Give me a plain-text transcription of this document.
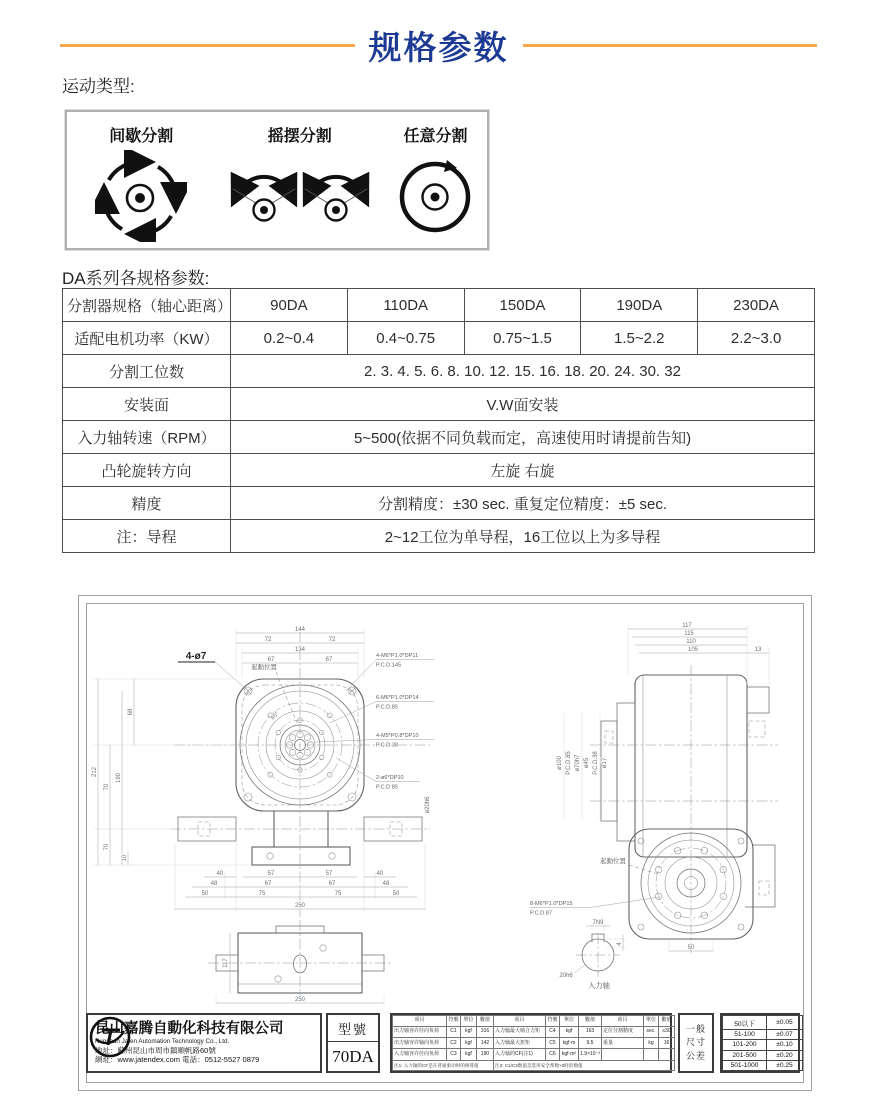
规格参数
运动类型:
间歇分割	摇摆分割	任意分割
DA系列各规格参数:
分割器规格（轴心距离）	90DA	110DA	150DA	190DA	230DA
适配电机功率（KW）	0.2~0.4	0.4~0.75	0.75~1.5	1.5~2.2	2.2~3.0
分割工位数	2. 3. 4. 5. 6. 8. 10. 12. 15. 16. 18. 20. 24. 30. 32				
安装面	V.W面安装				
入力轴转速（RPM）	5~500(依据不同负载而定，高速使用时请提前告知)				
凸轮旋转方向	左旋 右旋				
精度	分割精度：±30 sec. 重复定位精度：±5 sec.				
注：导程	2~12工位为单导程，16工位以上为多导程				
144
72	72
134
67	67
4-ø7
起動位置
45°
4-M6*P1.0*DP11
P.C.D.145
6-M6*P1.0*DP14
P.C.D.85
4-M5*P0.8*DP10
P.C.D.38
2-ø6*DP10
P.C.D 85
ø20h6
212
70
70
190
68
10
57	57
40	40
67	67
48	48
75	75
50	50
250
117
250
117
115
110
105	13
ø100 P.C.D.85 ø70h7 ø45 P.C.D.38 ø17
起動位置
8-M6*P1.0*DP15
P.C.D.87
50
7N9
4
20h6
入力轴
昆山嘉腾自動化科技有限公司
Kunshan Jaten Automation Technology Co., Ltd.
地址：蘇州昆山市周市鎮順帆路60號
網址：www.jatendex.com 電話：0512-5527 0879
型號
70DA
项目	符號	單位	數值	项目	符號	單位	數值	项目	單位	數值
出力轴容许径向负荷	C1	kgf	316	入力轴最大啮合力矩	C4	kgf	163	定位分割精度	sec.	≤30
出力轴容许轴向负荷	C2	kgf	142	入力轴最大扭矩	C5	kgf·m	9.5	重量	kg	16
入力轴容许径向负荷	C3	kgf	190	入力轴的CF(注1)	C6	kgf·m²	1.9×10⁻³			
注1: 入力轴的CF是在普通驱动时的换算值				注2: C1/C3数值是选用安全系数×3时的数值						
一般
尺寸
公差
50以下	±0.05
51-100	±0.07
101-200	±0.10
201-500	±0.20
501-1000	±0.25
